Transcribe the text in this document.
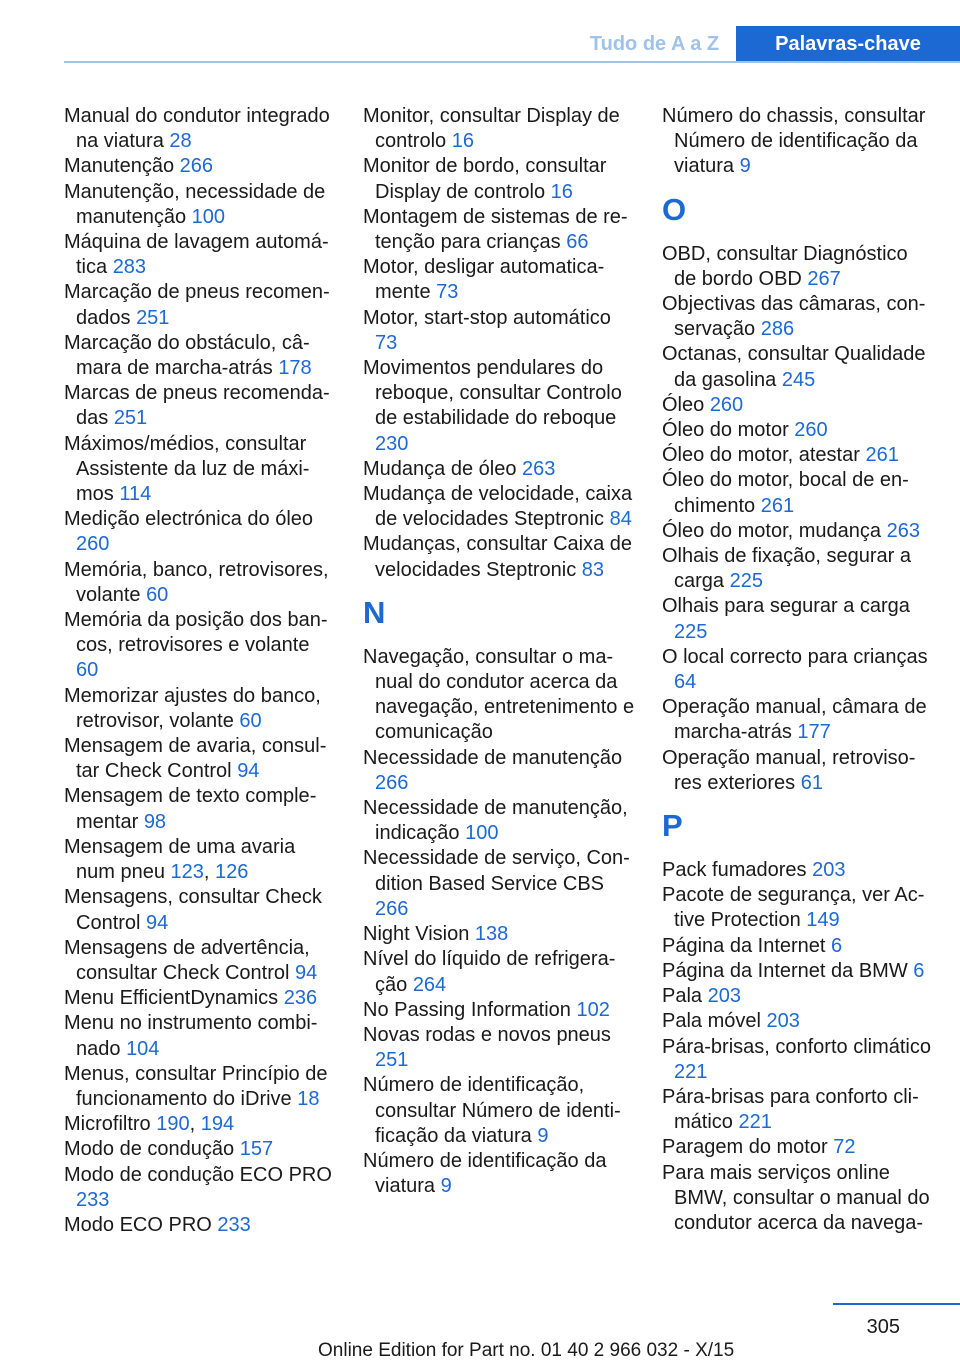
Tudo de A a Z	Palavras-chave
Manual do condutor integrado na viatura 28
Manutenção 266
Manutenção, necessidade de manutenção 100
Máquina de lavagem automática 283
Marcação de pneus recomendados 251
Marcação do obstáculo, câmara de marcha-atrás 178
Marcas de pneus recomendadas 251
Máximos/médios, consultar Assistente da luz de máximos 114
Medição electrónica do óleo 260
Memória, banco, retrovisores, volante 60
Memória da posição dos bancos, retrovisores e volante 60
Memorizar ajustes do banco, retrovisor, volante 60
Mensagem de avaria, consultar Check Control 94
Mensagem de texto complementar 98
Mensagem de uma avaria num pneu 123, 126
Mensagens, consultar Check Control 94
Mensagens de advertência, consultar Check Control 94
Menu EfficientDynamics 236
Menu no instrumento combinado 104
Menus, consultar Princípio de funcionamento do iDrive 18
Microfiltro 190, 194
Modo de condução 157
Modo de condução ECO PRO 233
Modo ECO PRO 233
Monitor, consultar Display de controlo 16
Monitor de bordo, consultar Display de controlo 16
Montagem de sistemas de retenção para crianças 66
Motor, desligar automaticamente 73
Motor, start-stop automático 73
Movimentos pendulares do reboque, consultar Controlo de estabilidade do reboque 230
Mudança de óleo 263
Mudança de velocidade, caixa de velocidades Steptronic 84
Mudanças, consultar Caixa de velocidades Steptronic 83
N
Navegação, consultar o manual do condutor acerca da navegação, entretenimento e comunicação
Necessidade de manutenção 266
Necessidade de manutenção, indicação 100
Necessidade de serviço, Condition Based Service CBS 266
Night Vision 138
Nível do líquido de refrigeração 264
No Passing Information 102
Novas rodas e novos pneus 251
Número de identificação, consultar Número de identificação da viatura 9
Número de identificação da viatura 9
Número do chassis, consultar Número de identificação da viatura 9
O
OBD, consultar Diagnóstico de bordo OBD 267
Objectivas das câmaras, conservação 286
Octanas, consultar Qualidade da gasolina 245
Óleo 260
Óleo do motor 260
Óleo do motor, atestar 261
Óleo do motor, bocal de enchimento 261
Óleo do motor, mudança 263
Olhais de fixação, segurar a carga 225
Olhais para segurar a carga 225
O local correcto para crianças 64
Operação manual, câmara de marcha-atrás 177
Operação manual, retrovisores exteriores 61
P
Pack fumadores 203
Pacote de segurança, ver Active Protection 149
Página da Internet 6
Página da Internet da BMW 6
Pala 203
Pala móvel 203
Pára-brisas, conforto climático 221
Pára-brisas para conforto climático 221
Paragem do motor 72
Para mais serviços online BMW, consultar o manual do condutor acerca da navega-
305
Online Edition for Part no. 01 40 2 966 032 - X/15
